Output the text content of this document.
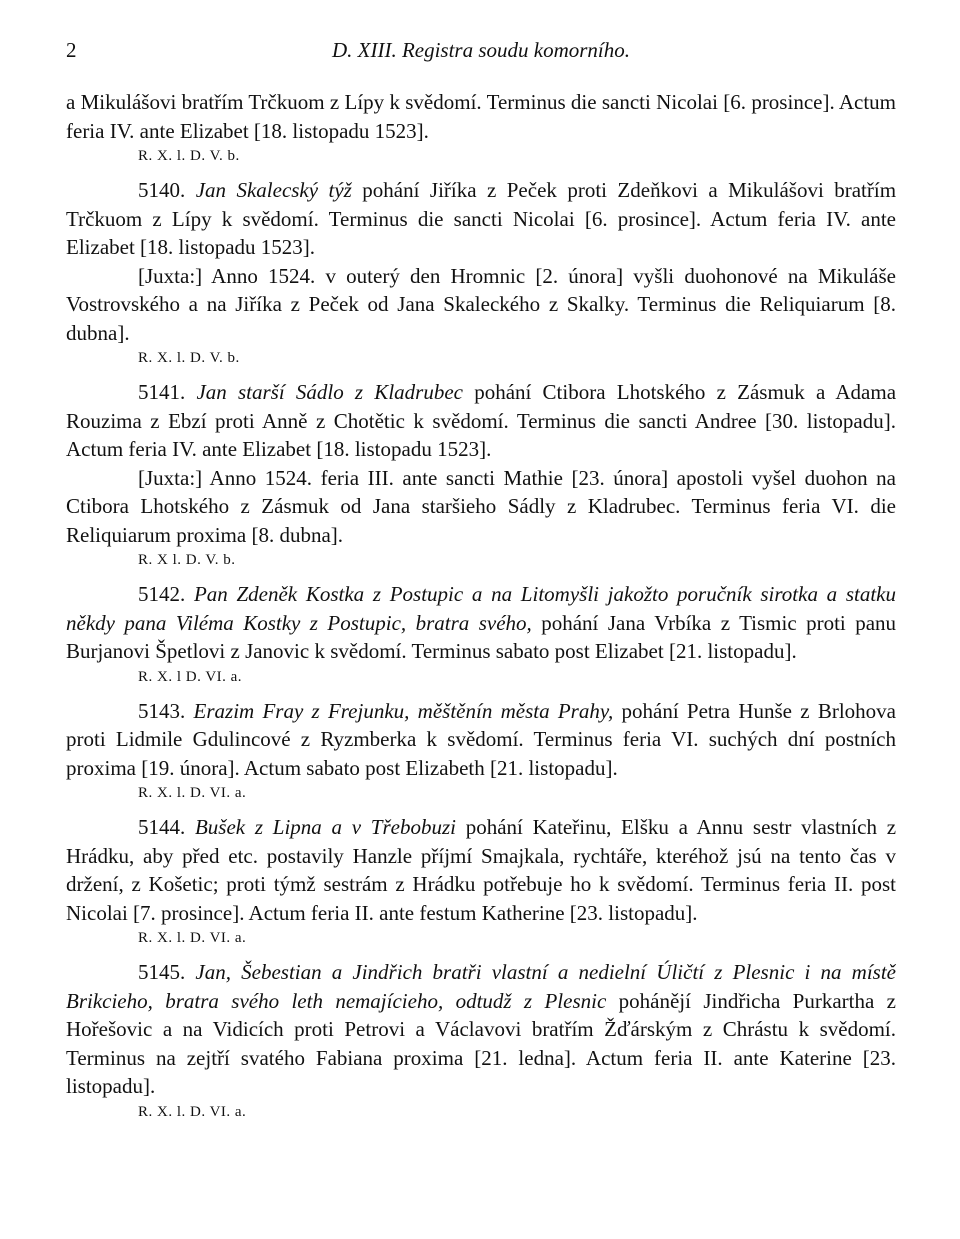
2	D. XIII. Registra soudu komorního.

a Mikulášovi bratřím Trčkuom z Lípy k svědomí. Terminus die sancti Nicolai [6. prosince]. Actum feria IV. ante Elizabet [18. listopadu 1523].

R. X. l. D. V. b.

5140. Jan Skalecský týž pohání Jiříka z Peček proti Zdeňkovi a Mikulášovi bratřím Trčkuom z Lípy k svědomí. Terminus die sancti Nicolai [6. prosince]. Actum feria IV. ante Elizabet [18. listopadu 1523].

[Juxta:] Anno 1524. v outerý den Hromnic [2. února] vyšli duohonové na Mikuláše Vostrovského a na Jiříka z Peček od Jana Skaleckého z Skalky. Terminus die Reliquiarum [8. dubna].

R. X. l. D. V. b.

5141. Jan starší Sádlo z Kladrubec pohání Ctibora Lhotského z Zásmuk a Adama Rouzima z Ebzí proti Anně z Chotětic k svědomí. Terminus die sancti Andree [30. listopadu]. Actum feria IV. ante Elizabet [18. listopadu 1523].

[Juxta:] Anno 1524. feria III. ante sancti Mathie [23. února] apostoli vyšel duohon na Ctibora Lhotského z Zásmuk od Jana staršieho Sádly z Kladrubec. Terminus feria VI. die Reliquiarum proxima [8. dubna].

R. X l. D. V. b.

5142. Pan Zdeněk Kostka z Postupic a na Litomyšli jakožto poručník sirotka a statku někdy pana Viléma Kostky z Postupic, bratra svého, pohání Jana Vrbíka z Tismic proti panu Burjanovi Špetlovi z Janovic k svědomí. Terminus sabato post Elizabet [21. listopadu].

R. X. l D. VI. a.

5143. Erazim Fray z Frejunku, měštěnín města Prahy, pohání Petra Hunše z Brlohova proti Lidmile Gdulincové z Ryzmberka k svědomí. Terminus feria VI. suchých dní postních proxima [19. února]. Actum sabato post Elizabeth [21. listopadu].

R. X. l. D. VI. a.

5144. Bušek z Lipna a v Třebobuzi pohání Kateřinu, Elšku a Annu sestr vlastních z Hrádku, aby před etc. postavily Hanzle příjmí Smajkala, rychtáře, kteréhož jsú na tento čas v držení, z Košetic; proti týmž sestrám z Hrádku potřebuje ho k svědomí. Terminus feria II. post Nicolai [7. prosince]. Actum feria II. ante festum Katherine [23. listopadu].

R. X. l. D. VI. a.

5145. Jan, Šebestian a Jindřich bratři vlastní a nedielní Úličtí z Plesnic i na místě Brikcieho, bratra svého leth nemajícieho, odtudž z Plesnic pohánějí Jindřicha Purkartha z Hořešovic a na Vidicích proti Petrovi a Václavovi bratřím Žďárským z Chrástu k svědomí. Terminus na zejtří svatého Fabiana proxima [21. ledna]. Actum feria II. ante Katerine [23. listopadu].

R. X. l. D. VI. a.
